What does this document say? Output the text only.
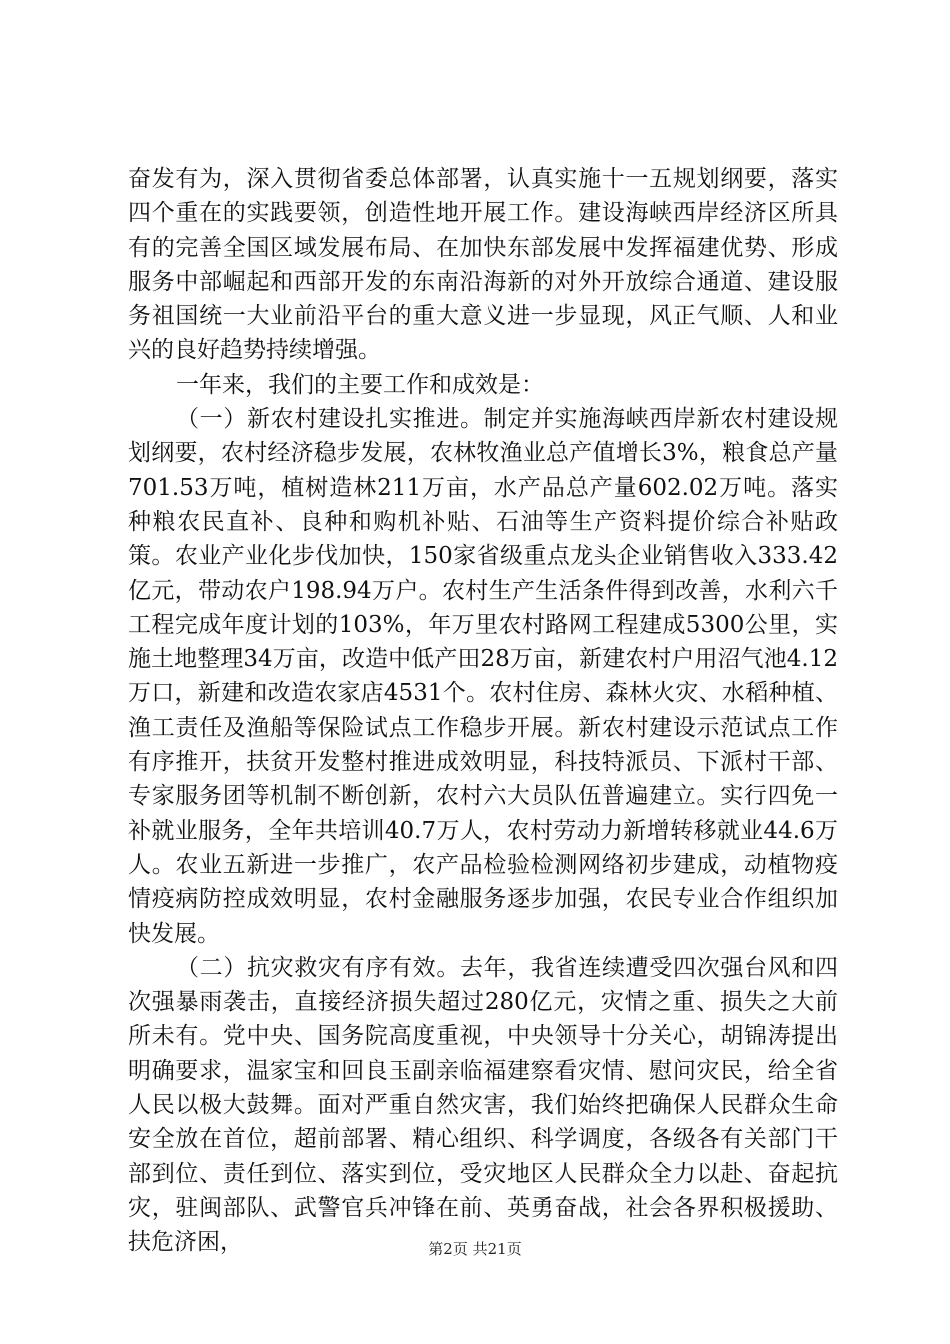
奋发有为，深入贯彻省委总体部署，认真实施十一五规划纲要，落实四个重在的实践要领，创造性地开展工作。建设海峡西岸经济区所具有的完善全国区域发展布局、在加快东部发展中发挥福建优势、形成服务中部崛起和西部开发的东南沿海新的对外开放综合通道、建设服务祖国统一大业前沿平台的重大意义进一步显现，风正气顺、人和业兴的良好趋势持续增强。

一年来，我们的主要工作和成效是：

（一）新农村建设扎实推进。制定并实施海峡西岸新农村建设规划纲要，农村经济稳步发展，农林牧渔业总产值增长3%，粮食总产量701.53万吨，植树造林211万亩，水产品总产量602.02万吨。落实种粮农民直补、良种和购机补贴、石油等生产资料提价综合补贴政策。农业产业化步伐加快，150家省级重点龙头企业销售收入333.42亿元，带动农户198.94万户。农村生产生活条件得到改善，水利六千工程完成年度计划的103%，年万里农村路网工程建成5300公里，实施土地整理34万亩，改造中低产田28万亩，新建农村户用沼气池4.12万口，新建和改造农家店4531个。农村住房、森林火灾、水稻种植、渔工责任及渔船等保险试点工作稳步开展。新农村建设示范试点工作有序推开，扶贫开发整村推进成效明显，科技特派员、下派村干部、专家服务团等机制不断创新，农村六大员队伍普遍建立。实行四免一补就业服务，全年共培训40.7万人，农村劳动力新增转移就业44.6万人。农业五新进一步推广，农产品检验检测网络初步建成，动植物疫情疫病防控成效明显，农村金融服务逐步加强，农民专业合作组织加快发展。

（二）抗灾救灾有序有效。去年，我省连续遭受四次强台风和四次强暴雨袭击，直接经济损失超过280亿元，灾情之重、损失之大前所未有。党中央、国务院高度重视，中央领导十分关心，胡锦涛提出明确要求，温家宝和回良玉副亲临福建察看灾情、慰问灾民，给全省人民以极大鼓舞。面对严重自然灾害，我们始终把确保人民群众生命安全放在首位，超前部署、精心组织、科学调度，各级各有关部门干部到位、责任到位、落实到位，受灾地区人民群众全力以赴、奋起抗灾，驻闽部队、武警官兵冲锋在前、英勇奋战，社会各界积极援助、扶危济困，	第2页 共21页
